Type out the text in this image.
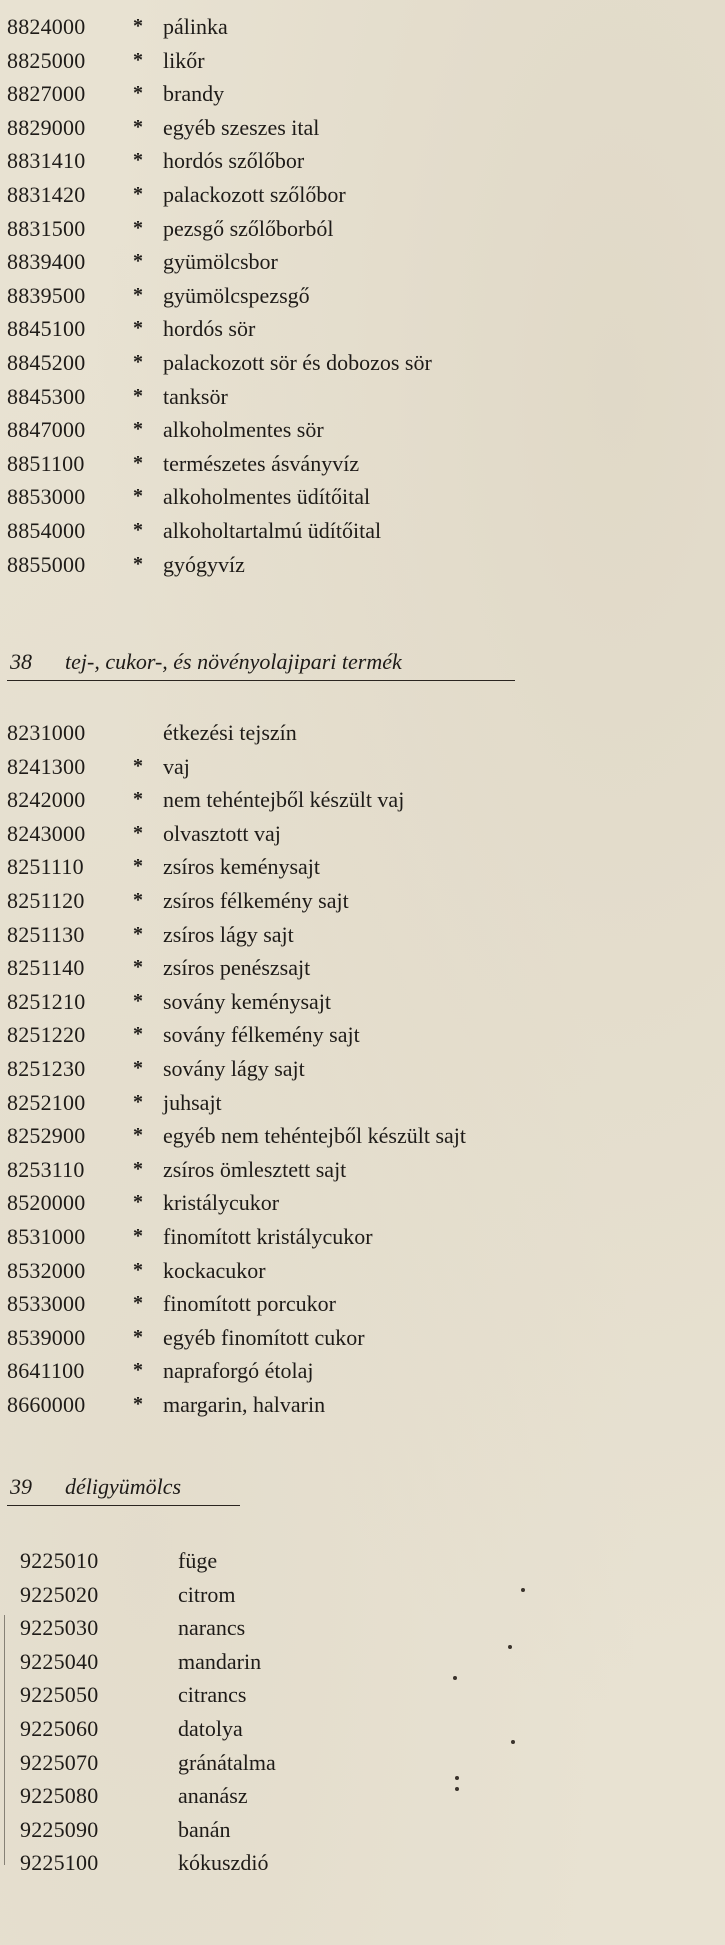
8824000 * pálinka
8825000 * likőr
8827000 * brandy
8829000 * egyéb szeszes ital
8831410 * hordós szőlőbor
8831420 * palackozott szőlőbor
8831500 * pezsgő szőlőborból
8839400 * gyümölcsbor
8839500 * gyümölcspezsgő
8845100 * hordós sör
8845200 * palackozott sör és dobozos sör
8845300 * tanksör
8847000 * alkoholmentes sör
8851100 * természetes ásványvíz
8853000 * alkoholmentes üdítőital
8854000 * alkoholtartalmú üdítőital
8855000 * gyógyvíz
38 tej-, cukor-, és növényolajipari termék
8231000	étkezési tejszín
8241300 * vaj
8242000 * nem tehéntejből készült vaj
8243000 * olvasztott vaj
8251110 * zsíros keménysajt
8251120 * zsíros félkemény sajt
8251130 * zsíros lágy sajt
8251140 * zsíros penészsajt
8251210 * sovány keménysajt
8251220 * sovány félkemény sajt
8251230 * sovány lágy sajt
8252100 * juhsajt
8252900 * egyéb nem tehéntejből készült sajt
8253110 * zsíros ömlesztett sajt
8520000 * kristálycukor
8531000 * finomított kristálycukor
8532000 * kockacukor
8533000 * finomított porcukor
8539000 * egyéb finomított cukor
8641100 * napraforgó étolaj
8660000 * margarin, halvarin
39 déligyümölcs
9225010	füge
9225020	citrom
9225030	narancs
9225040	mandarin
9225050	citrancs
9225060	datolya
9225070	gránátalma
9225080	ananász
9225090	banán
9225100	kókuszdió
